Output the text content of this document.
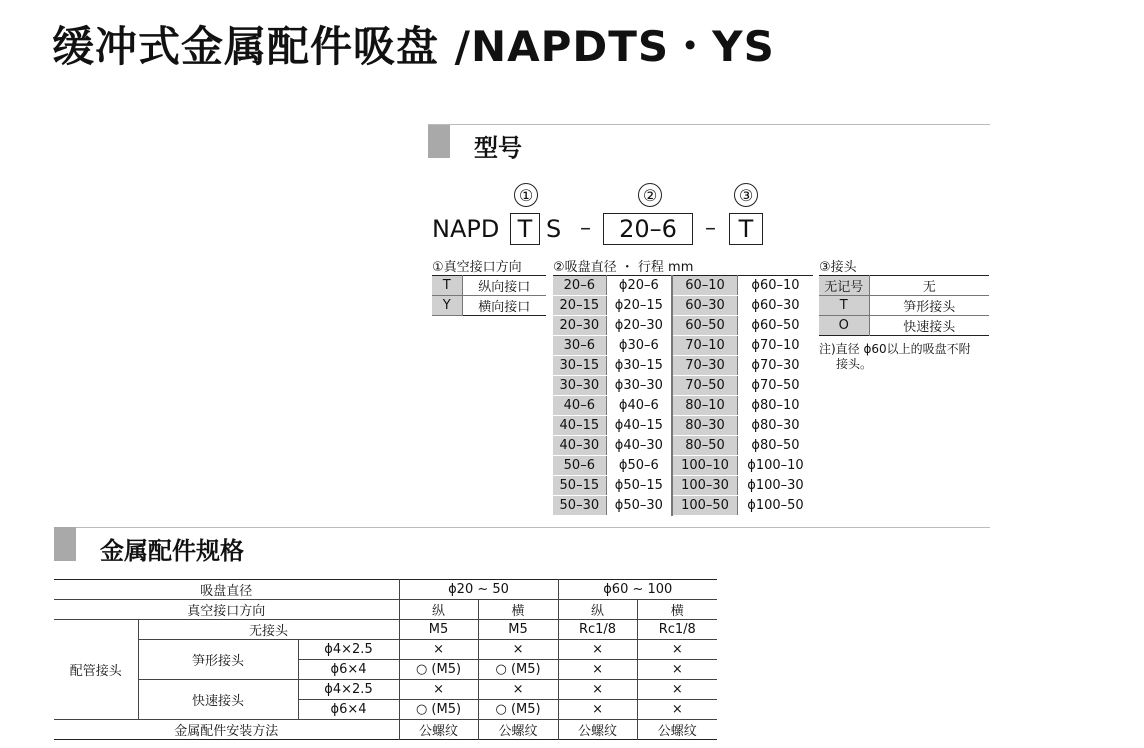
缓冲式金属配件吸盘 /NAPDTS・YS
型号
①	②	③
NAPD T S –	20–6	– T
①真空接口方向 ②吸盘直径 ・ 行程 mm	③接头
T	纵向接口
Y	横向接口
20–6	ϕ20–6	60–10	ϕ60–10
20–15	ϕ20–15	60–30	ϕ60–30
20–30	ϕ20–30	60–50	ϕ60–50
30–6	ϕ30–6	70–10	ϕ70–10
30–15	ϕ30–15	70–30	ϕ70–30
30–30	ϕ30–30	70–50	ϕ70–50
40–6	ϕ40–6	80–10	ϕ80–10
40–15	ϕ40–15	80–30	ϕ80–30
40–30	ϕ40–30	80–50	ϕ80–50
50–6	ϕ50–6	100–10	ϕ100–10
50–15	ϕ50–15	100–30	ϕ100–30
50–30	ϕ50–30	100–50	ϕ100–50
无记号	无
T	笋形接头
O	快速接头
注)直径 ϕ60以上的吸盘不附
接头。
金属配件规格
吸盘直径			ϕ20 ~ 50		ϕ60 ~ 100	
真空接口方向			纵	横	纵	横
配管接头	无接头		M5	M5	Rc1/8	Rc1/8
	笋形接头	ϕ4×2.5	×	×	×	×
		ϕ6×4	○ (M5)	○ (M5)	×	×
	快速接头	ϕ4×2.5	×	×	×	×
		ϕ6×4	○ (M5)	○ (M5)	×	×
金属配件安装方法			公螺纹	公螺纹	公螺纹	公螺纹
